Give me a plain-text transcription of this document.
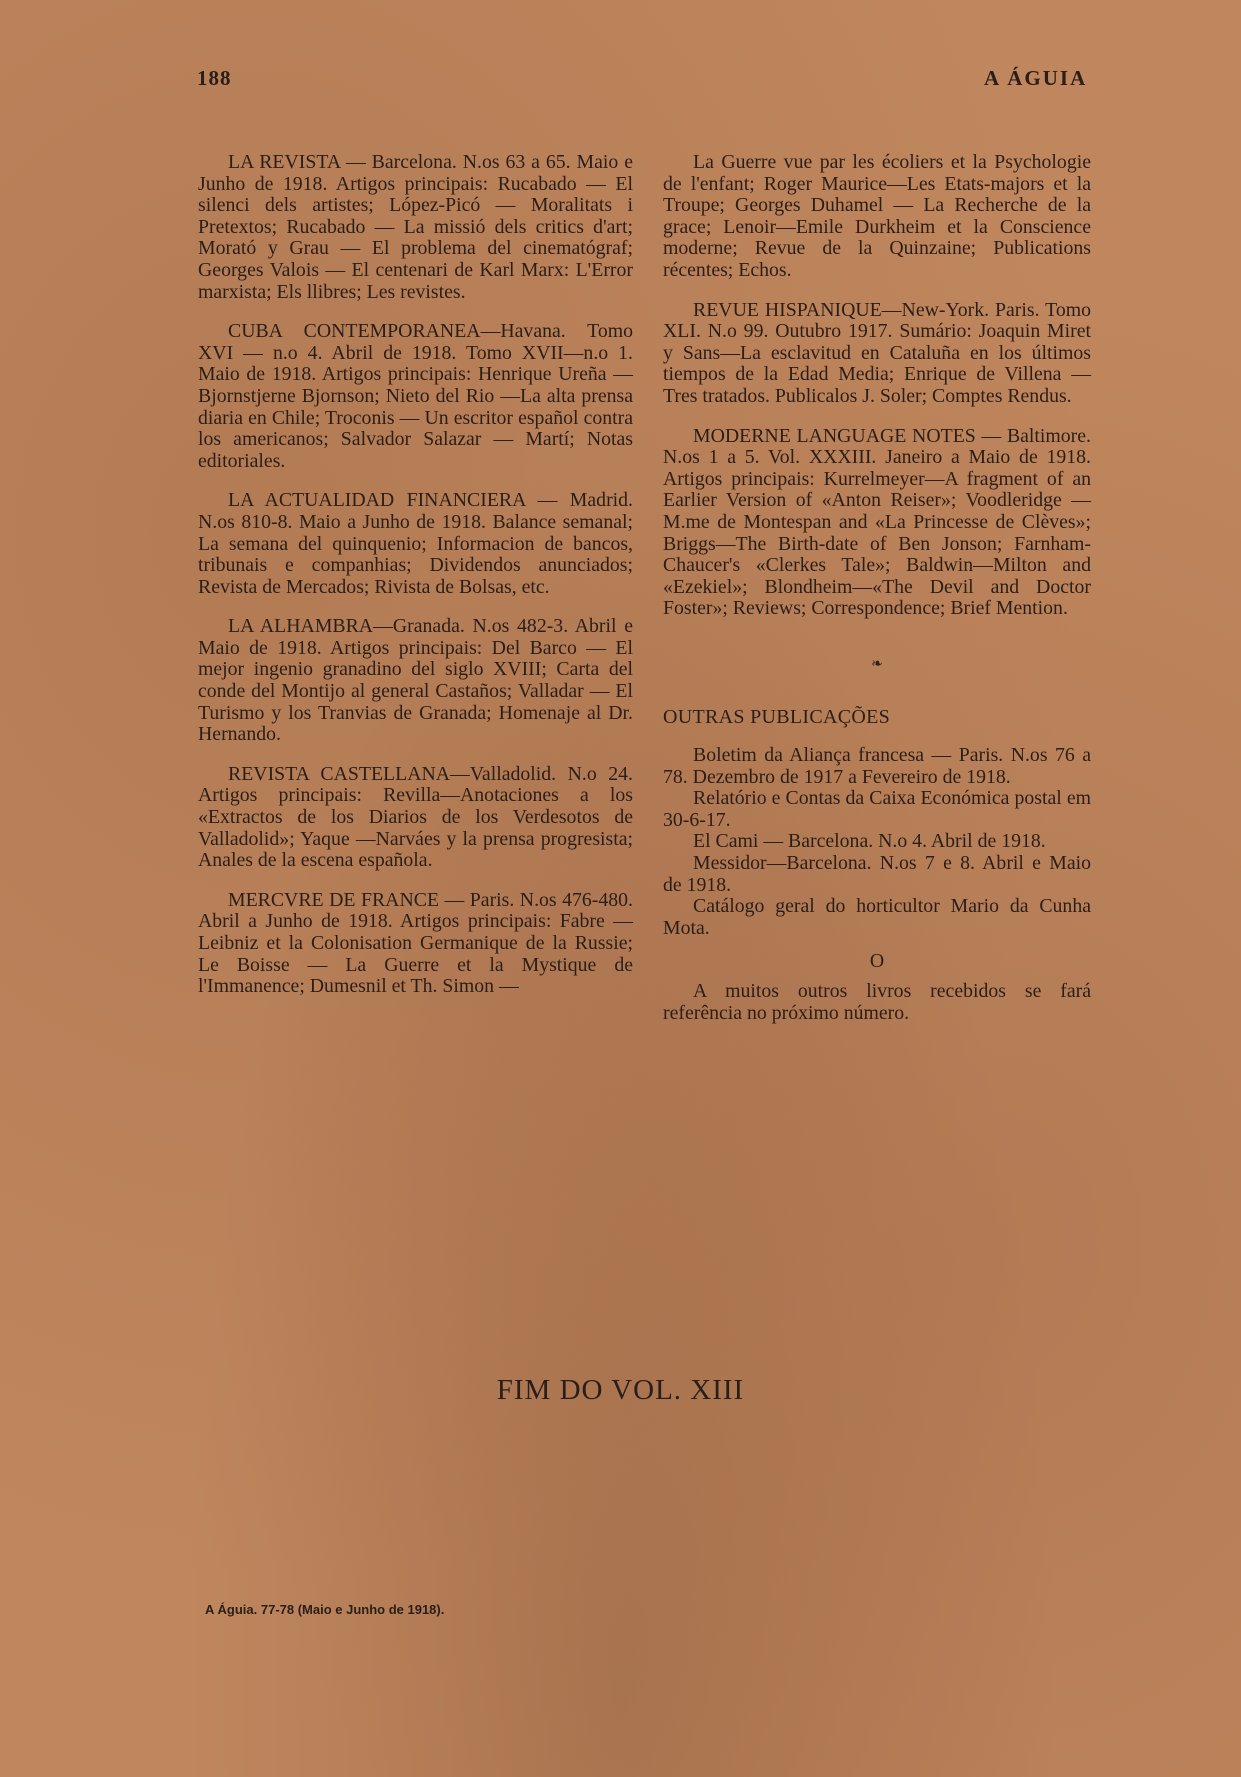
188	A ÁGUIA

LA REVISTA — Barcelona. N.os 63 a 65. Maio e Junho de 1918. Artigos principais: Rucabado — El silenci dels artistes; López-Picó — Moralitats i Pretextos; Rucabado — La missió dels critics d'art; Morató y Grau — El problema del cinematógraf; Georges Valois — El centenari de Karl Marx: L'Error marxista; Els llibres; Les revistes.

CUBA CONTEMPORANEA—Havana. Tomo XVI — n.o 4. Abril de 1918. Tomo XVII—n.o 1. Maio de 1918. Artigos principais: Henrique Ureña — Bjornstjerne Bjornson; Nieto del Rio —La alta prensa diaria en Chile; Troconis — Un escritor español contra los americanos; Salvador Salazar — Martí; Notas editoriales.

LA ACTUALIDAD FINANCIERA — Madrid. N.os 810-8. Maio a Junho de 1918. Balance semanal; La semana del quinquenio; Informacion de bancos, tribunais e companhias; Dividendos anunciados; Revista de Mercados; Rivista de Bolsas, etc.

LA ALHAMBRA—Granada. N.os 482-3. Abril e Maio de 1918. Artigos principais: Del Barco — El mejor ingenio granadino del siglo XVIII; Carta del conde del Montijo al general Castaños; Valladar — El Turismo y los Tranvias de Granada; Homenaje al Dr. Hernando.

REVISTA CASTELLANA—Valladolid. N.o 24. Artigos principais: Revilla—Anotaciones a los «Extractos de los Diarios de los Verdesotos de Valladolid»; Yaque —Narváes y la prensa progresista; Anales de la escena española.

MERCVRE DE FRANCE — Paris. N.os 476-480. Abril a Junho de 1918. Artigos principais: Fabre — Leibniz et la Colonisation Germanique de la Russie; Le Boisse — La Guerre et la Mystique de l'Immanence; Dumesnil et Th. Simon —

La Guerre vue par les écoliers et la Psychologie de l'enfant; Roger Maurice—Les Etats-majors et la Troupe; Georges Duhamel — La Recherche de la grace; Lenoir—Emile Durkheim et la Conscience moderne; Revue de la Quinzaine; Publications récentes; Echos.

REVUE HISPANIQUE—New-York. Paris. Tomo XLI. N.o 99. Outubro 1917. Sumário: Joaquin Miret y Sans—La esclavitud en Cataluña en los últimos tiempos de la Edad Media; Enrique de Villena — Tres tratados. Publicalos J. Soler; Comptes Rendus.

MODERNE LANGUAGE NOTES — Baltimore. N.os 1 a 5. Vol. XXXIII. Janeiro a Maio de 1918. Artigos principais: Kurrelmeyer—A fragment of an Earlier Version of «Anton Reiser»; Voodleridge —M.me de Montespan and «La Princesse de Clèves»; Briggs—The Birth-date of Ben Jonson; Farnham-Chaucer's «Clerkes Tale»; Baldwin—Milton and «Ezekiel»; Blondheim—«The Devil and Doctor Foster»; Reviews; Correspondence; Brief Mention.

❧

OUTRAS PUBLICAÇÕES

Boletim da Aliança francesa — Paris. N.os 76 a 78. Dezembro de 1917 a Fevereiro de 1918.

Relatório e Contas da Caixa Económica postal em 30-6-17.

El Cami — Barcelona. N.o 4. Abril de 1918.

Messidor—Barcelona. N.os 7 e 8. Abril e Maio de 1918.

Catálogo geral do horticultor Mario da Cunha Mota.

O

A muitos outros livros recebidos se fará referência no próximo número.

FIM DO VOL. XIII
A Águia. 77-78 (Maio e Junho de 1918).
